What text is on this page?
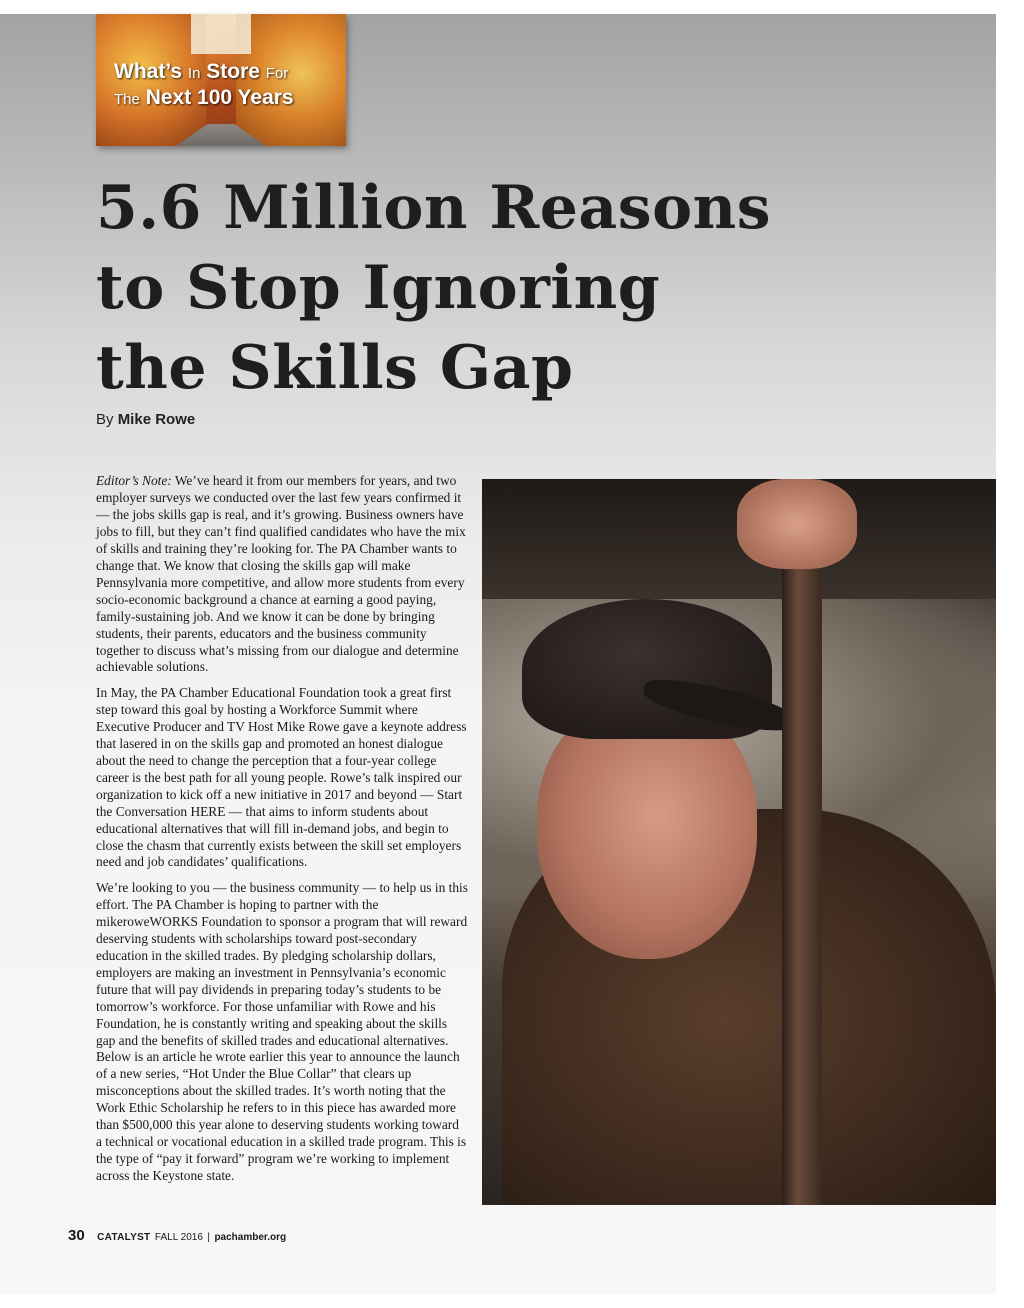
What’s In Store For
The Next 100 Years
5.6 Million Reasons
to Stop Ignoring
the Skills Gap
By Mike Rowe

Editor’s Note: We’ve heard it from our members for years, and two employer surveys we conducted over the last few years confirmed it — the jobs skills gap is real, and it’s growing. Business owners have jobs to fill, but they can’t find qualified candidates who have the mix of skills and training they’re looking for. The PA Chamber wants to change that. We know that closing the skills gap will make Pennsylvania more competitive, and allow more students from every socio-economic background a chance at earning a good paying, family-sustaining job. And we know it can be done by bringing students, their parents, educators and the business community together to discuss what’s missing from our dialogue and determine achievable solutions.

In May, the PA Chamber Educational Foundation took a great first step toward this goal by hosting a Workforce Summit where Executive Producer and TV Host Mike Rowe gave a keynote address that lasered in on the skills gap and promoted an honest dialogue about the need to change the perception that a four-year college career is the best path for all young people. Rowe’s talk inspired our organization to kick off a new initiative in 2017 and beyond — Start the Conversation HERE — that aims to inform students about educational alternatives that will fill in-demand jobs, and begin to close the chasm that currently exists between the skill set employers need and job candidates’ qualifications.

We’re looking to you — the business community — to help us in this effort. The PA Chamber is hoping to partner with the mikeroweWORKS Foundation to sponsor a program that will reward deserving students with scholarships toward post-secondary education in the skilled trades. By pledging scholarship dollars, employers are making an investment in Pennsylvania’s economic future that will pay dividends in preparing today’s students to be tomorrow’s workforce. For those unfamiliar with Rowe and his Foundation, he is constantly writing and speaking about the skills gap and the benefits of skilled trades and educational alternatives. Below is an article he wrote earlier this year to announce the launch of a new series, “Hot Under the Blue Collar” that clears up misconceptions about the skilled trades. It’s worth noting that the Work Ethic Scholarship he refers to in this piece has awarded more than $500,000 this year alone to deserving students working toward a technical or vocational education in a skilled trade program. This is the type of “pay it forward” program we’re working to implement across the Keystone state.

30 CATALYST FALL 2016 | pachamber.org
